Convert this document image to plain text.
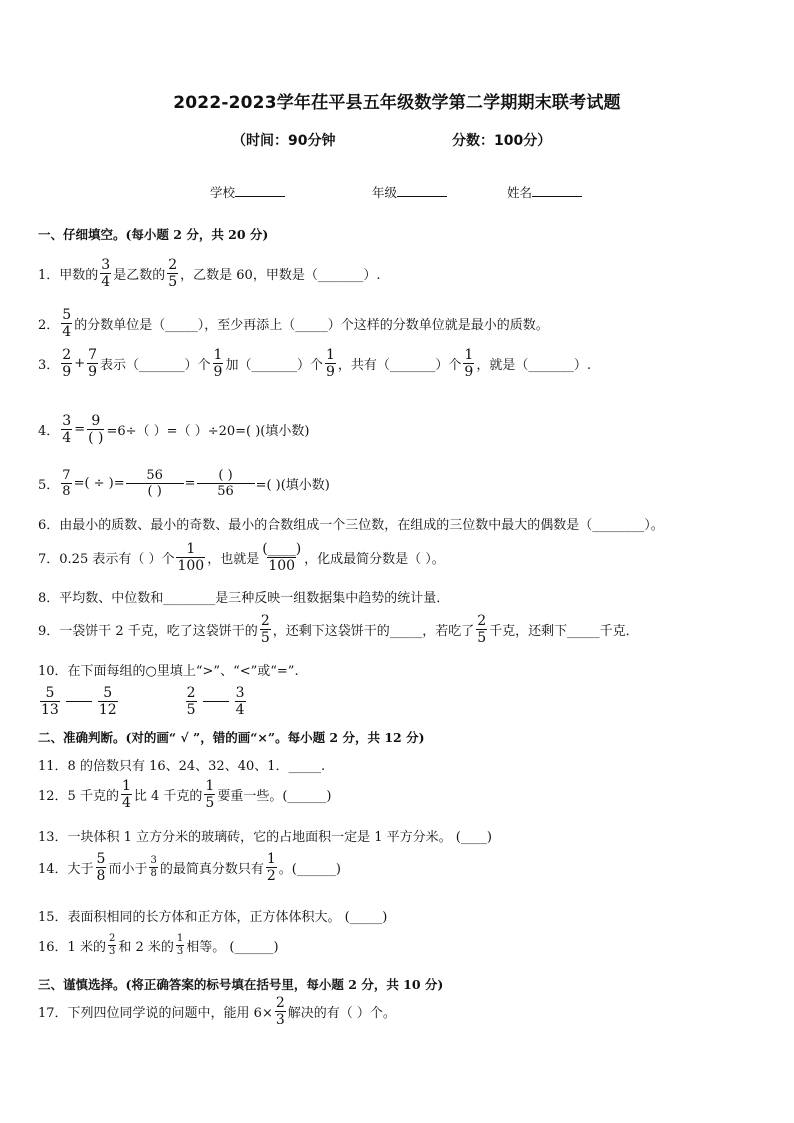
2022-2023学年茌平县五年级数学第二学期期末联考试题
（时间：90分钟	分数：100分）
学校	年级	姓名
一、仔细填空。(每小题 2 分，共 20 分)
1．甲数的 $\frac{3}{4}$ 是乙数的 $\frac{2}{5}$ ，乙数是 60，甲数是（_______）.
2． $\frac{5}{4}$ 的分数单位是（_____），至少再添上（_____）个这样的分数单位就是最小的质数。
3． $\frac{2}{9} + \frac{7}{9}$ 表示（_______）个 $\frac{1}{9}$ 加（_______）个 $\frac{1}{9}$ ，共有（_______）个 $\frac{1}{9}$ ，就是（_______）.
4． $\frac{3}{4} = \frac{9}{( )} =6\div$（ ）=（ ）÷20=( )(填小数)
5． $\frac{7}{8}$ =( ÷ )= $\frac{56}{( )} = \frac{( )}{56}$ =( )(填小数)
6．由最小的质数、最小的奇数、最小的合数组成一个三位数，在组成的三位数中最大的偶数是（________）。
7．0.25 表示有（ ）个 $\frac{1}{100}$ ，也就是 $\frac{(\_\_\_\_)}{100}$ ，化成最简分数是（ ）。
8．平均数、中位数和________是三种反映一组数据集中趋势的统计量．
9．一袋饼干 2 千克，吃了这袋饼干的 $\frac{2}{5}$ ，还剩下这袋饼干的_____，若吃了 $\frac{2}{5}$ 千克，还剩下_____千克．
10．在下面每组的○里填上“>”、“<”或“=”.
$\frac{5}{13}$	$\frac{5}{12}$	$\frac{2}{5}$	$\frac{3}{4}$
二、准确判断。(对的画“ √ ”，错的画“×”。每小题 2 分，共 12 分)
11．8 的倍数只有 16、24、32、40、1．_____.
12．5 千克的 $\frac{1}{4}$ 比 4 千克的 $\frac{1}{5}$ 要重一些。(______)
13．一块体积 1 立方分米的玻璃砖，它的占地面积一定是 1 平方分米。 (____)
14．大于 $\frac{5}{8}$ 而小于 $\frac{3}{8}$ 的最简真分数只有 $\frac{1}{2}$ 。(______)
15．表面积相同的长方体和正方体，正方体体积大。 (_____)
16．1 米的 $\frac{2}{3}$ 和 2 米的 $\frac{1}{3}$ 相等。 (______)
三、谨慎选择。(将正确答案的标号填在括号里，每小题 2 分，共 10 分)
17．下列四位同学说的问题中，能用 $6\times \frac{2}{3}$ 解决的有（ ）个。
